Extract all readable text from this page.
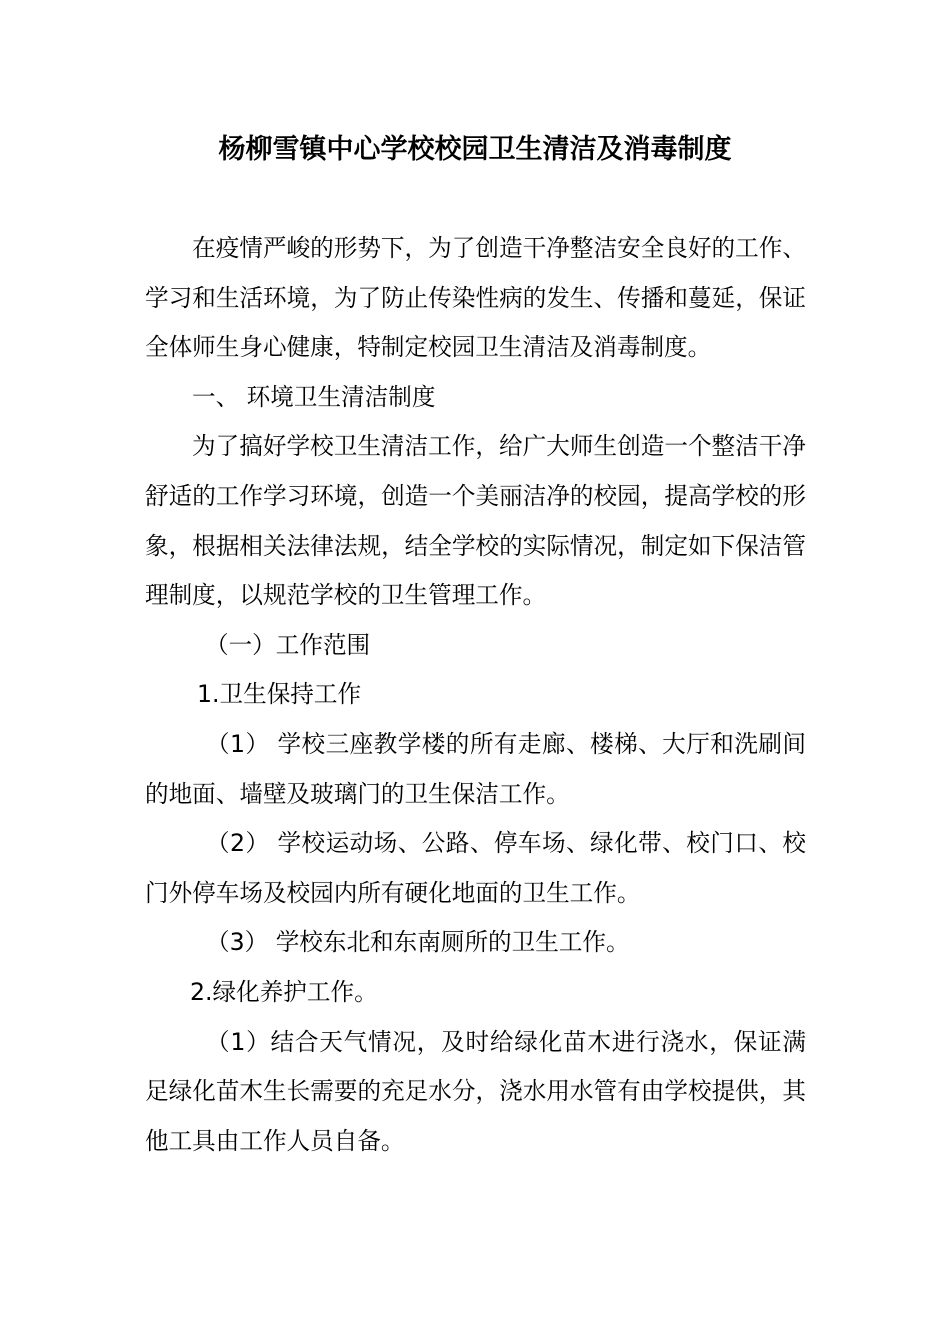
杨柳雪镇中心学校校园卫生清洁及消毒制度

在疫情严峻的形势下，为了创造干净整洁安全良好的工作、学习和生活环境，为了防止传染性病的发生、传播和蔓延，保证全体师生身心健康，特制定校园卫生清洁及消毒制度。

一、 环境卫生清洁制度

为了搞好学校卫生清洁工作，给广大师生创造一个整洁干净舒适的工作学习环境，创造一个美丽洁净的校园，提高学校的形象，根据相关法律法规，结全学校的实际情况，制定如下保洁管理制度，以规范学校的卫生管理工作。

（一）工作范围

1.卫生保持工作

（1） 学校三座教学楼的所有走廊、楼梯、大厅和洗刷间的地面、墙壁及玻璃门的卫生保洁工作。

（2） 学校运动场、公路、停车场、绿化带、校门口、校门外停车场及校园内所有硬化地面的卫生工作。

（3） 学校东北和东南厕所的卫生工作。

2.绿化养护工作。

（1）结合天气情况，及时给绿化苗木进行浇水，保证满足绿化苗木生长需要的充足水分，浇水用水管有由学校提供，其他工具由工作人员自备。
